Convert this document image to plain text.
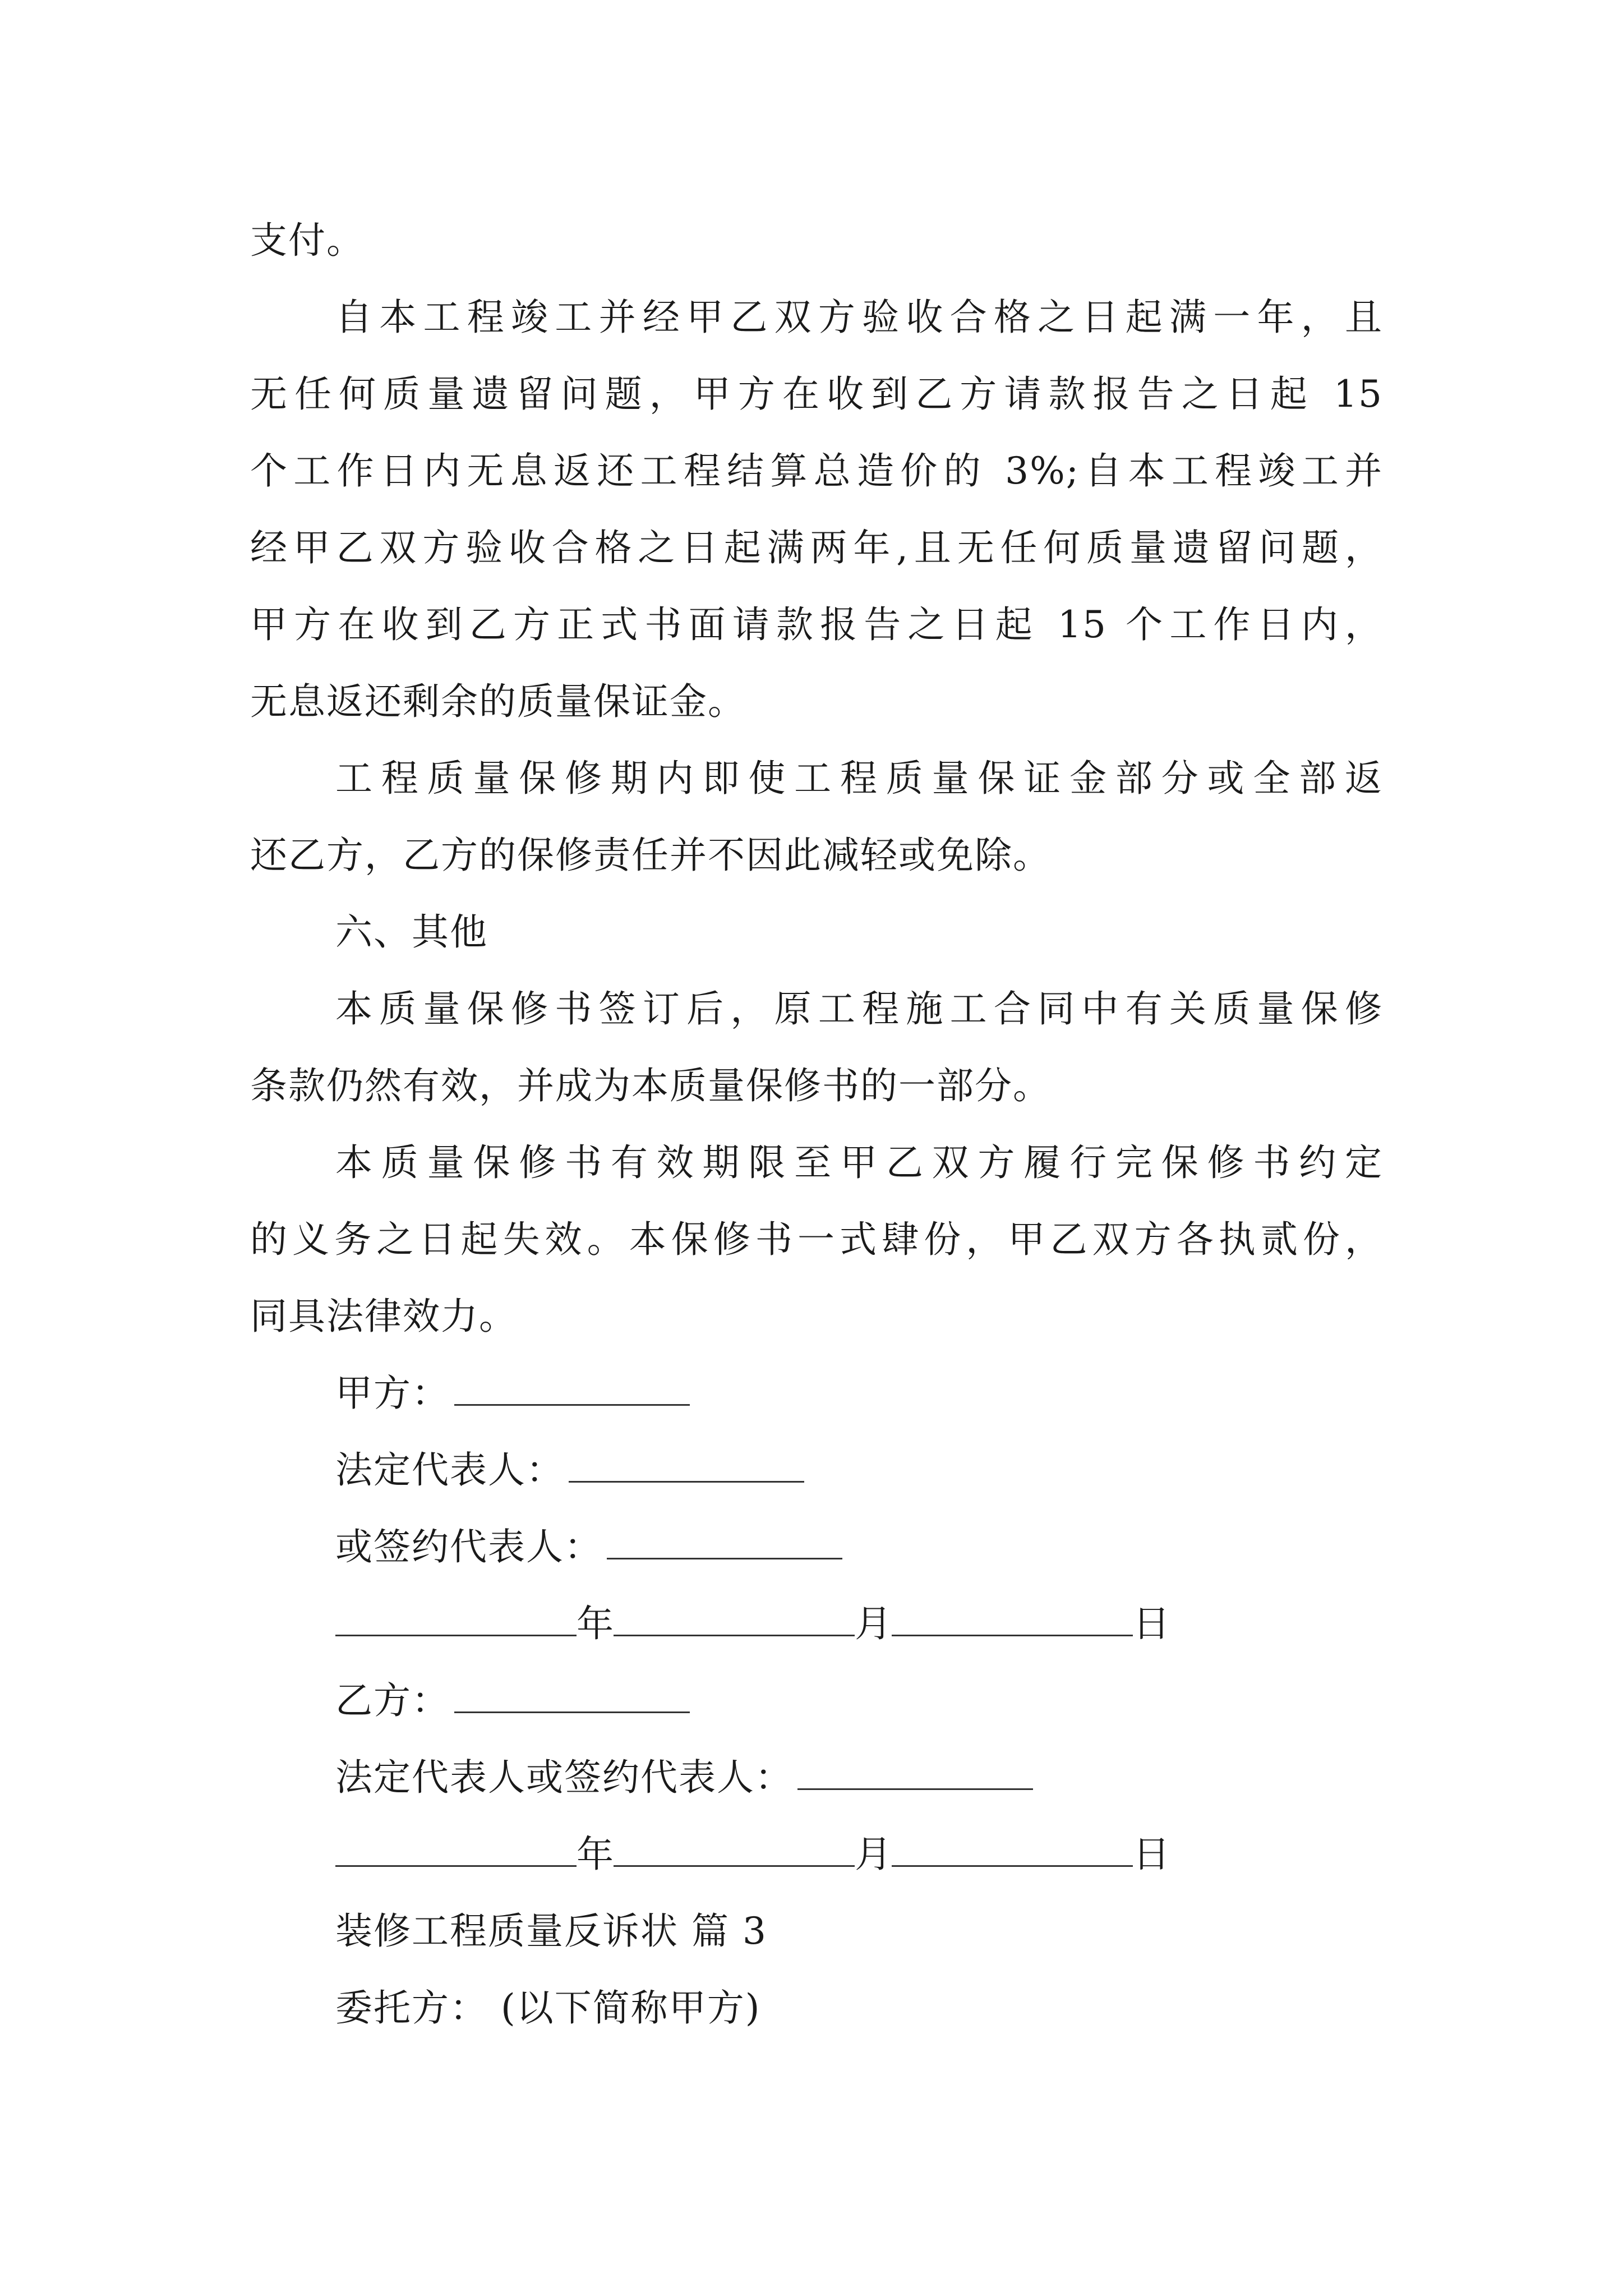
支付。
自本工程竣工并经甲乙双方验收合格之日起满一年，且
无任何质量遗留问题，甲方在收到乙方请款报告之日起 15
个工作日内无息返还工程结算总造价的 3%;自本工程竣工并
经甲乙双方验收合格之日起满两年,且无任何质量遗留问题，
甲方在收到乙方正式书面请款报告之日起 15 个工作日内，
无息返还剩余的质量保证金。
工程质量保修期内即使工程质量保证金部分或全部返
还乙方，乙方的保修责任并不因此减轻或免除。
六、其他
本质量保修书签订后，原工程施工合同中有关质量保修
条款仍然有效，并成为本质量保修书的一部分。
本质量保修书有效期限至甲乙双方履行完保修书约定
的义务之日起失效。本保修书一式肆份，甲乙双方各执贰份，
同具法律效力。
甲方：
法定代表人：
或签约代表人：
年	月	日
乙方：
法定代表人或签约代表人：
年	月	日
装修工程质量反诉状 篇 3
委托方： (以下简称甲方)
